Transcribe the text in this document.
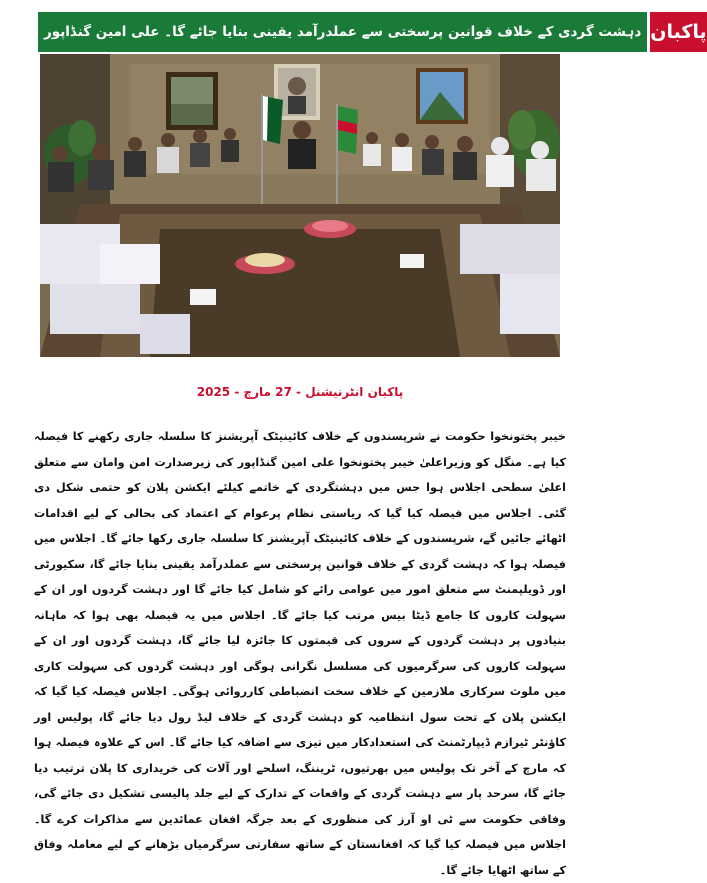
دہشت گردی کے خلاف قوانین پرسختی سے عملدرآمد یقینی بنایا جائے گا۔ علی امین گنڈاپور پاکبان
پاکبان انٹرنیشنل - 27 مارچ - 2025

خیبر پختونخوا حکومت نے شرپسندوں کے خلاف کائینیٹک آپریشنز کا سلسلہ جاری رکھنے کا فیصلہ کیا ہے۔ منگل کو وزیراعلیٰ خیبر پختونخوا علی امین گنڈاپور کی زیرصدارت امن وامان سے متعلق اعلیٰ سطحی اجلاس ہوا جس میں دہشتگردی کے خاتمے کیلئے ایکشن پلان کو حتمی شکل دی گئی۔ اجلاس میں فیصلہ کیا گیا کہ ریاستی نظام پرعوام کے اعتماد کی بحالی کے لیے اقدامات اٹھائے جائیں گے، شرپسندوں کے خلاف کائینیٹک آپریشنز کا سلسلہ جاری رکھا جائے گا۔ اجلاس میں فیصلہ ہوا کہ دہشت گردی کے خلاف قوانین پرسختی سے عملدرآمد یقینی بنایا جائے گا، سکیورٹی اور ڈویلپمنٹ سے متعلق امور میں عوامی رائے کو شامل کیا جائے گا اور دہشت گردوں اور ان کے سہولت کاروں کا جامع ڈیٹا بیس مرتب کیا جائے گا۔ اجلاس میں یہ فیصلہ بھی ہوا کہ ماہانہ بنیادوں پر دہشت گردوں کے سروں کی قیمتوں کا جائزہ لیا جائے گا، دہشت گردوں اور ان کے سہولت کاروں کی سرگرمیوں کی مسلسل نگرانی ہوگی اور دہشت گردوں کی سہولت کاری میں ملوث سرکاری ملازمین کے خلاف سخت انضباطی کارروائی ہوگی۔ اجلاس فیصلہ کیا گیا کہ ایکشن پلان کے تحت سول انتظامیہ کو دہشت گردی کے خلاف لیڈ رول دیا جائے گا، پولیس اور کاؤنٹر ٹیرازم ڈیپارٹمنٹ کی استعدادکار میں تیزی سے اضافہ کیا جائے گا۔ اس کے علاوہ فیصلہ ہوا کہ مارچ کے آخر تک پولیس میں بھرتیوں، ٹریننگ، اسلحے اور آلات کی خریداری کا پلان ترتیب دیا جائے گا، سرحد پار سے دہشت گردی کے واقعات کے تدارک کے لیے جلد پالیسی تشکیل دی جائے گی، وفاقی حکومت سے ٹی او آرز کی منظوری کے بعد جرگہ افغان عمائدین سے مذاکرات کرے گا۔ اجلاس میں فیصلہ کیا گیا کہ افغانستان کے ساتھ سفارتی سرگرمیاں بڑھانے کے لیے معاملہ وفاق کے ساتھ اٹھایا جائے گا۔
